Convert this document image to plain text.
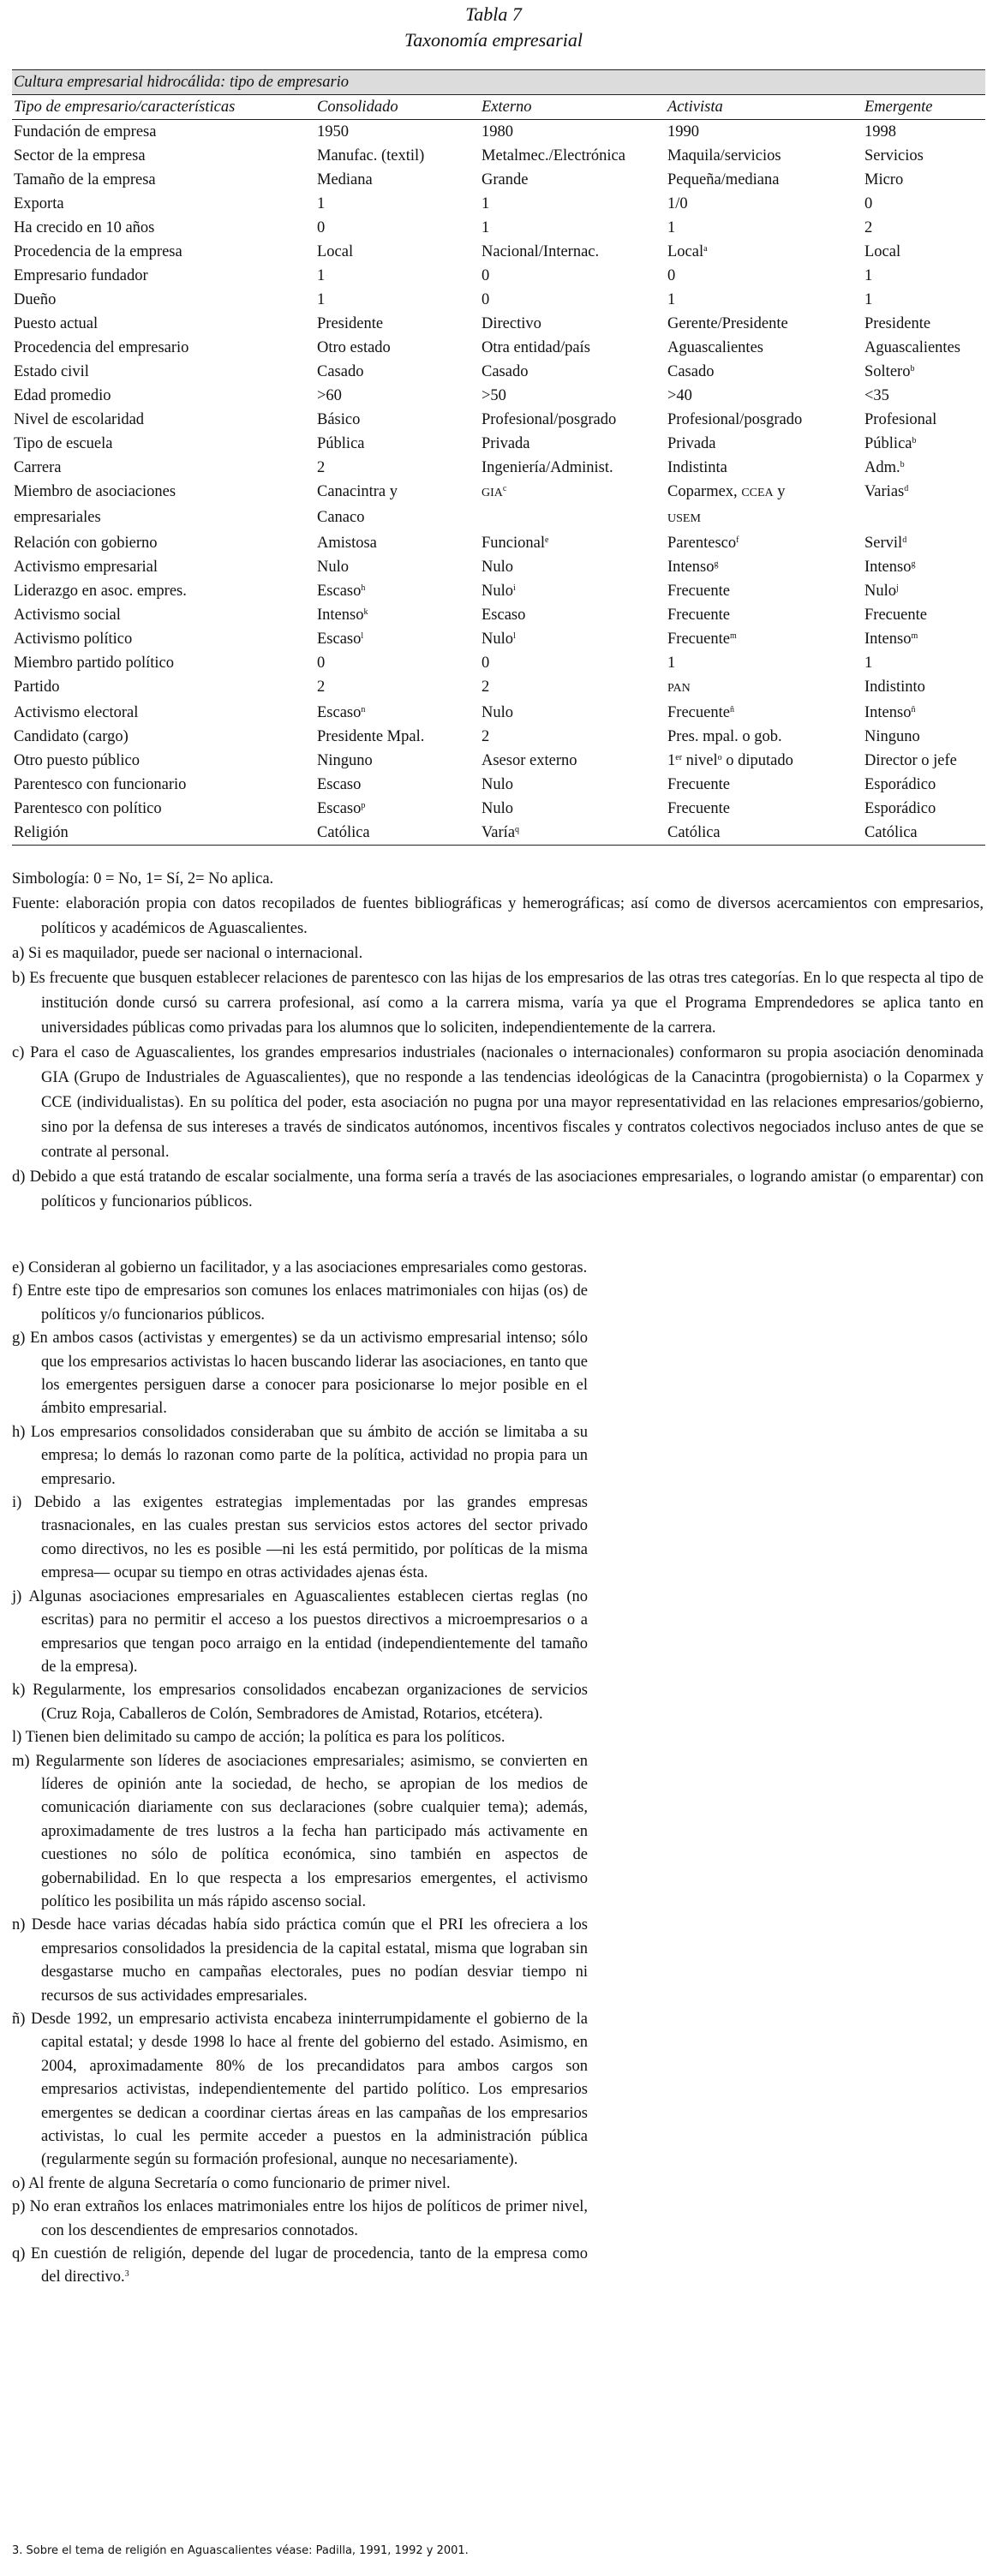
Tabla 7
Taxonomía empresarial
Cultura empresarial hidrocálida: tipo de empresario				
Tipo de empresario/características	Consolidado	Externo	Activista	Emergente
Fundación de empresa	1950	1980	1990	1998
Sector de la empresa	Manufac. (textil)	Metalmec./Electrónica	Maquila/servicios	Servicios
Tamaño de la empresa	Mediana	Grande	Pequeña/mediana	Micro
Exporta	1	1	1/0	0
Ha crecido en 10 años	0	1	1	2
Procedencia de la empresa	Local	Nacional/Internac.	Local$^a$	Local
Empresario fundador	1	0	0	1
Dueño	1	0	1	1
Puesto actual	Presidente	Directivo	Gerente/Presidente	Presidente
Procedencia del empresario	Otro estado	Otra entidad/país	Aguascalientes	Aguascalientes
Estado civil	Casado	Casado	Casado	Soltero$^b$
Edad promedio	>60	>50	>40	<35
Nivel de escolaridad	Básico	Profesional/posgrado	Profesional/posgrado	Profesional
Tipo de escuela	Pública	Privada	Privada	Pública$^b$
Carrera	2	Ingeniería/Administ.	Indistinta	Adm.$^b$
Miembro de asociaciones	Canacintra y	GIA$^c$	Coparmex, CCEA y	Varias$^d$
empresariales	Canaco		USEM	
Relación con gobierno	Amistosa	Funcional$^e$	Parentesco$^f$	Servil$^d$
Activismo empresarial	Nulo	Nulo	Intenso$^g$	Intenso$^g$
Liderazgo en asoc. empres.	Escaso$^h$	Nulo$^i$	Frecuente	Nulo$^j$
Activismo social	Intenso$^k$	Escaso	Frecuente	Frecuente
Activismo político	Escaso$^l$	Nulo$^l$	Frecuente$^m$	Intenso$^m$
Miembro partido político	0	0	1	1
Partido	2	2	PAN	Indistinto
Activismo electoral	Escaso$^n$	Nulo	Frecuente$^ñ$	Intenso$^ñ$
Candidato (cargo)	Presidente Mpal.	2	Pres. mpal. o gob.	Ninguno
Otro puesto público	Ninguno	Asesor externo	1er nivel$^o$ o diputado	Director o jefe
Parentesco con funcionario	Escaso	Nulo	Frecuente	Esporádico
Parentesco con político	Escaso$^p$	Nulo	Frecuente	Esporádico
Religión	Católica	Varía$^q$	Católica	Católica
Simbología: 0 = No, 1= Sí, 2= No aplica.
Fuente: elaboración propia con datos recopilados de fuentes bibliográficas y hemerográficas; así como de diversos acercamientos con empresarios, políticos y académicos de Aguascalientes.
a) Si es maquilador, puede ser nacional o internacional.
b) Es frecuente que busquen establecer relaciones de parentesco con las hijas de los empresarios de las otras tres categorías. En lo que respecta al tipo de institución donde cursó su carrera profesional, así como a la carrera misma, varía ya que el Programa Emprendedores se aplica tanto en universidades públicas como privadas para los alumnos que lo soliciten, independientemente de la carrera.
c) Para el caso de Aguascalientes, los grandes empresarios industriales (nacionales o internacionales) conformaron su propia asociación denominada GIA (Grupo de Industriales de Aguascalientes), que no responde a las tendencias ideológicas de la Canacintra (progobiernista) o la Coparmex y CCE (individualistas). En su política del poder, esta asociación no pugna por una mayor representatividad en las relaciones empresarios/gobierno, sino por la defensa de sus intereses a través de sindicatos autónomos, incentivos fiscales y contratos colectivos negociados incluso antes de que se contrate al personal.
d) Debido a que está tratando de escalar socialmente, una forma sería a través de las asociaciones empresariales, o logrando amistar (o emparentar) con políticos y funcionarios públicos.
e) Consideran al gobierno un facilitador, y a las asociaciones empresariales como gestoras.
f) Entre este tipo de empresarios son comunes los enlaces matrimoniales con hijas (os) de políticos y/o funcionarios públicos.
g) En ambos casos (activistas y emergentes) se da un activismo empresarial intenso; sólo que los empresarios activistas lo hacen buscando liderar las asociaciones, en tanto que los emergentes persiguen darse a conocer para posicionarse lo mejor posible en el ámbito empresarial.
h) Los empresarios consolidados consideraban que su ámbito de acción se limitaba a su empresa; lo demás lo razonan como parte de la política, actividad no propia para un empresario.
i) Debido a las exigentes estrategias implementadas por las grandes empresas trasnacionales, en las cuales prestan sus servicios estos actores del sector privado como directivos, no les es posible —ni les está permitido, por políticas de la misma empresa— ocupar su tiempo en otras actividades ajenas ésta.
j) Algunas asociaciones empresariales en Aguascalientes establecen ciertas reglas (no escritas) para no permitir el acceso a los puestos directivos a microempresarios o a empresarios que tengan poco arraigo en la entidad (independientemente del tamaño de la empresa).
k) Regularmente, los empresarios consolidados encabezan organizaciones de servicios (Cruz Roja, Caballeros de Colón, Sembradores de Amistad, Rotarios, etcétera).
l) Tienen bien delimitado su campo de acción; la política es para los políticos.
m) Regularmente son líderes de asociaciones empresariales; asimismo, se convierten en líderes de opinión ante la sociedad, de hecho, se apropian de los medios de comunicación diariamente con sus declaraciones (sobre cualquier tema); además, aproximadamente de tres lustros a la fecha han participado más activamente en cuestiones no sólo de política económica, sino también en aspectos de gobernabilidad. En lo que respecta a los empresarios emergentes, el activismo político les posibilita un más rápido ascenso social.
n) Desde hace varias décadas había sido práctica común que el PRI les ofreciera a los empresarios consolidados la presidencia de la capital estatal, misma que lograban sin desgastarse mucho en campañas electorales, pues no podían desviar tiempo ni recursos de sus actividades empresariales.
ñ) Desde 1992, un empresario activista encabeza ininterrumpidamente el gobierno de la capital estatal; y desde 1998 lo hace al frente del gobierno del estado. Asimismo, en 2004, aproximadamente 80% de los precandidatos para ambos cargos son empresarios activistas, independientemente del partido político. Los empresarios emergentes se dedican a coordinar ciertas áreas en las campañas de los empresarios activistas, lo cual les permite acceder a puestos en la administración pública (regularmente según su formación profesional, aunque no necesariamente).
o) Al frente de alguna Secretaría o como funcionario de primer nivel.
p) No eran extraños los enlaces matrimoniales entre los hijos de políticos de primer nivel, con los descendientes de empresarios connotados.
q) En cuestión de religión, depende del lugar de procedencia, tanto de la empresa como del directivo.$^3$
3. Sobre el tema de religión en Aguascalientes véase: Padilla, 1991, 1992 y 2001.
